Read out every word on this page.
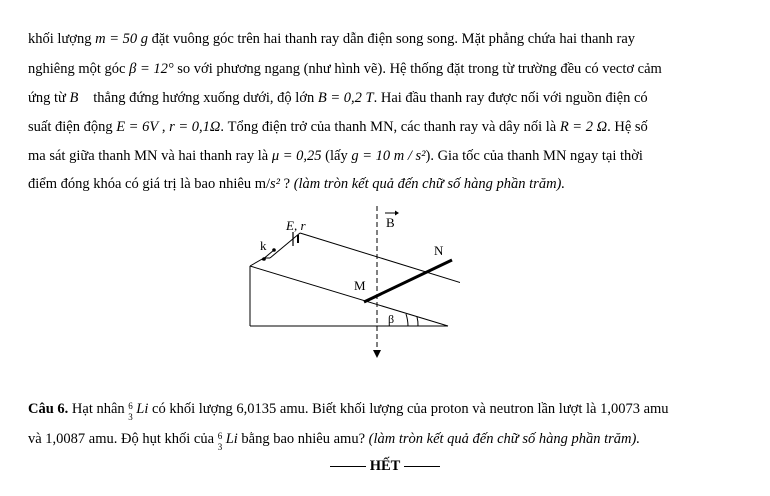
khối lượng m = 50 g đặt vuông góc trên hai thanh ray dẫn điện song song. Mặt phẳng chứa hai thanh ray
nghiêng một góc β = 12° so với phương ngang (như hình vẽ). Hệ thống đặt trong từ trường đều có vectơ cảm
ứng từ B⃗ thẳng đứng hướng xuống dưới, độ lớn B = 0,2 T. Hai đầu thanh ray được nối với nguồn điện có
suất điện động E = 6V , r = 0,1Ω. Tổng điện trở của thanh MN, các thanh ray và dây nối là R = 2 Ω. Hệ số
ma sát giữa thanh MN và hai thanh ray là μ = 0,25 (lấy g = 10 m / s²). Gia tốc của thanh MN ngay tại thời
điểm đóng khóa có giá trị là bao nhiêu m/s² ? (làm tròn kết quả đến chữ số hàng phần trăm).
E, r
k
B
N
M
β
Câu 6. Hạt nhân 6
3 Li có khối lượng 6,0135 amu. Biết khối lượng của proton và neutron lần lượt là 1,0073 amu
và 1,0087 amu. Độ hụt khối của 6
3 Li bằng bao nhiêu amu? (làm tròn kết quả đến chữ số hàng phần trăm).
HẾT
